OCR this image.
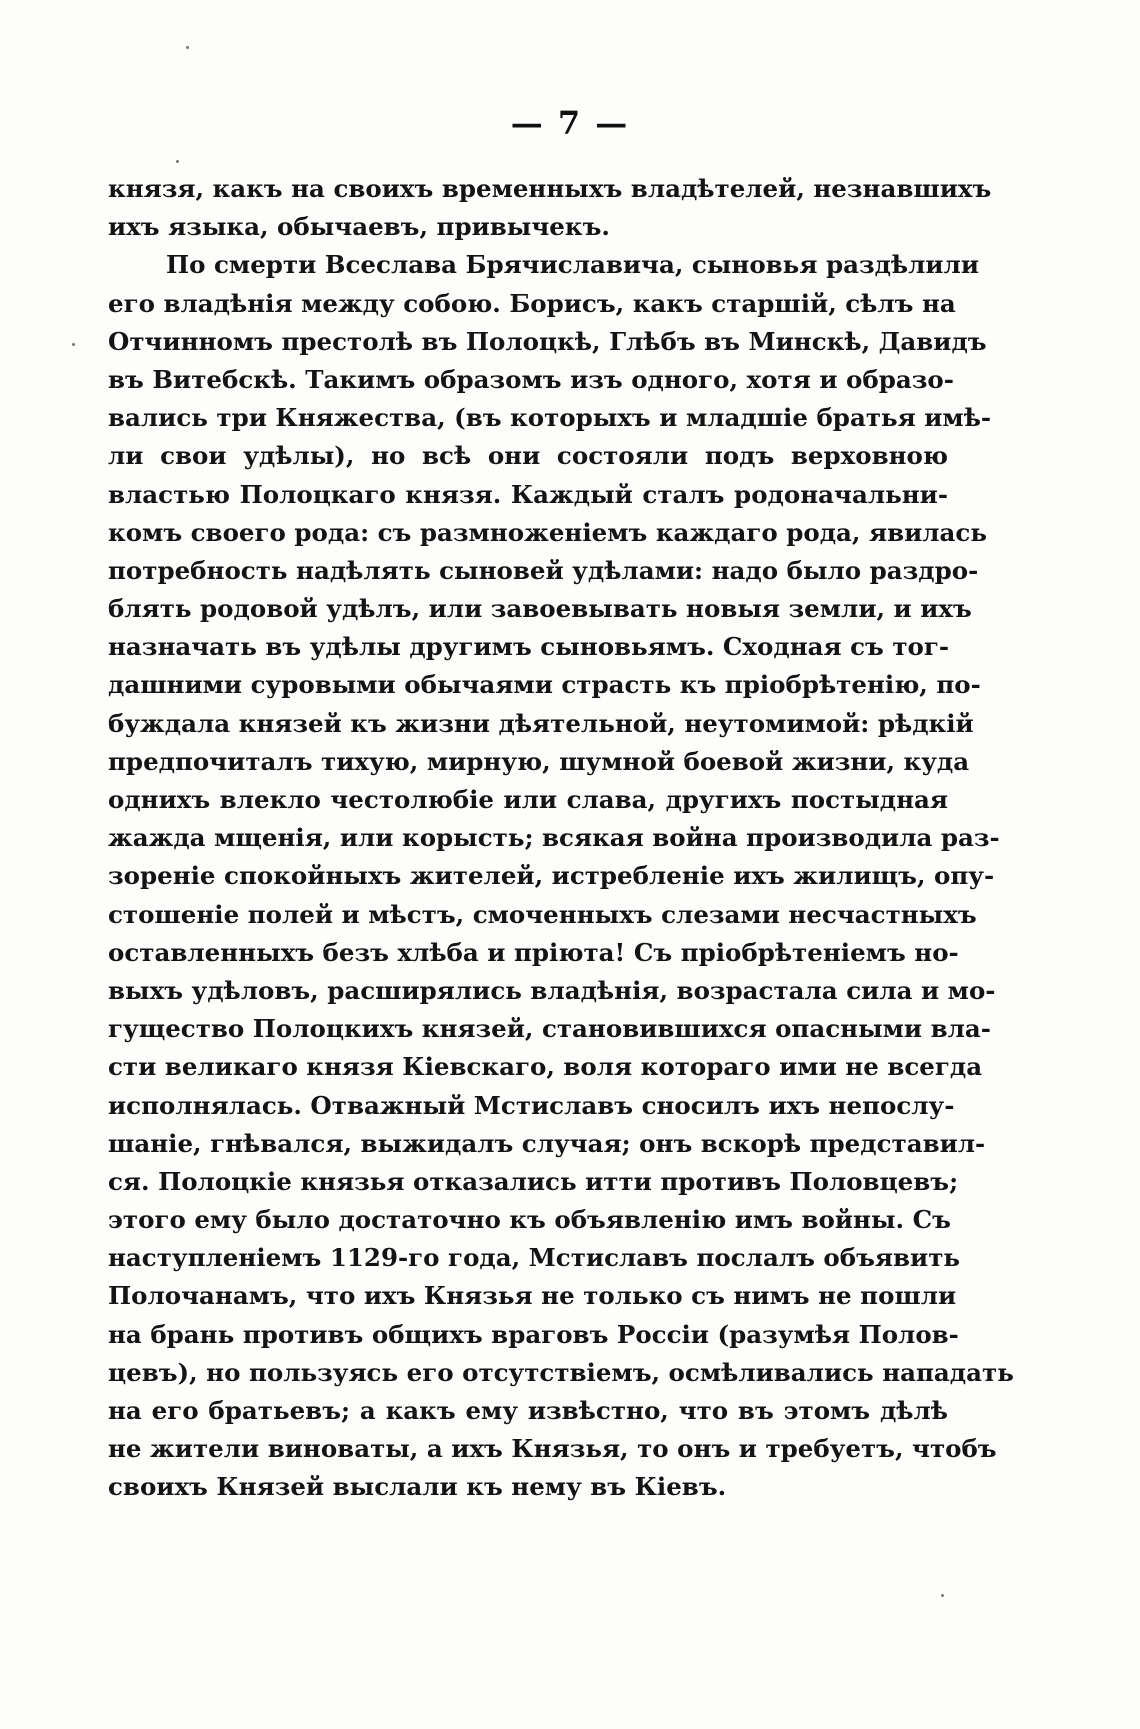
— 7 —
князя, какъ на своихъ временныхъ владѣтелей, незнавшихъ
ихъ языка, обычаевъ, привычекъ.
По смерти Всеслава Брячиславича, сыновья раздѣлили
его владѣнія между собою. Борисъ, какъ старшій, сѣлъ на
Отчинномъ престолѣ въ Полоцкѣ, Глѣбъ въ Минскѣ, Давидъ
въ Витебскѣ. Такимъ образомъ изъ одного, хотя и образо-
вались три Княжества, (въ которыхъ и младшіе братья имѣ-
ли свои удѣлы), но всѣ они состояли подъ верховною
властью Полоцкаго князя. Каждый сталъ родоначальни-
комъ своего рода: съ размноженіемъ каждаго рода, явилась
потребность надѣлять сыновей удѣлами: надо было раздро-
блять родовой удѣлъ, или завоевывать новыя земли, и ихъ
назначать въ удѣлы другимъ сыновьямъ. Сходная съ тог-
дашними суровыми обычаями страсть къ пріобрѣтенію, по-
буждала князей къ жизни дѣятельной, неутомимой: рѣдкій
предпочиталъ тихую, мирную, шумной боевой жизни, куда
однихъ влекло честолюбіе или слава, другихъ постыдная
жажда мщенія, или корысть; всякая война производила раз-
зореніе спокойныхъ жителей, истребленіе ихъ жилищъ, опу-
стошеніе полей и мѣстъ, смоченныхъ слезами несчастныхъ
оставленныхъ безъ хлѣба и пріюта! Съ пріобрѣтеніемъ но-
выхъ удѣловъ, расширялись владѣнія, возрастала сила и мо-
гущество Полоцкихъ князей, становившихся опасными вла-
сти великаго князя Кіевскаго, воля котораго ими не всегда
исполнялась. Отважный Мстиславъ сносилъ ихъ непослу-
шаніе, гнѣвался, выжидалъ случая; онъ вскорѣ представил-
ся. Полоцкіе князья отказались итти противъ Половцевъ;
этого ему было достаточно къ объявленію имъ войны. Съ
наступленіемъ 1129-го года, Мстиславъ послалъ объявить
Полочанамъ, что ихъ Князья не только съ нимъ не пошли
на брань противъ общихъ враговъ Россіи (разумѣя Полов-
цевъ), но пользуясь его отсутствіемъ, осмѣливались нападать
на его братьевъ; а какъ ему извѣстно, что въ этомъ дѣлѣ
не жители виноваты, а ихъ Князья, то онъ и требуетъ, чтобъ
своихъ Князей выслали къ нему въ Кіевъ.
